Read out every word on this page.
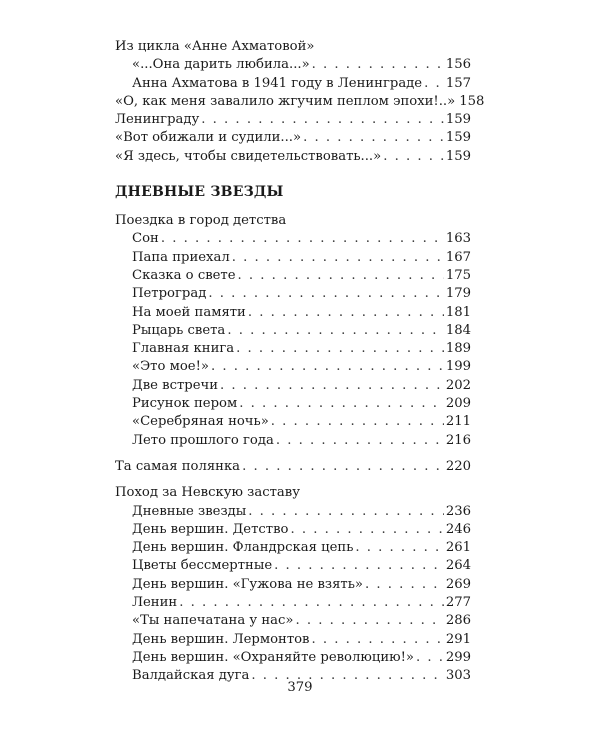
Из цикла «Анне Ахматовой»
«...Она дарить любила...» . . .	156
Анна Ахматова в 1941 году в Ленинграде . . . 157
«О, как меня завалило жгучим пеплом эпохи!..» 158
Ленинграду . . .	159
«Вот обижали и судили...» . . .	159
«Я здесь, чтобы свидетельствовать...» . . .	159
ДНЕВНЫЕ ЗВЕЗДЫ
Поездка в город детства
Сон . . .	163
Папа приехал . . .	167
Сказка о свете . . .	175
Петроград . . .	179
На моей памяти . . .	181
Рыцарь света . . .	184
Главная книга . . .	189
«Это мое!» . . .	199
Две встречи . . .	202
Рисунок пером . . .	209
«Серебряная ночь» . . .	211
Лето прошлого года . . .	216
Та самая полянка . . .	220
Поход за Невскую заставу
Дневные звезды . . .	236
День вершин. Детство . . .	246
День вершин. Фландрская цепь . . .	261
Цветы бессмертные . . .	264
День вершин. «Гужова не взять» . . .	269
Ленин . . .	277
«Ты напечатана у нас» . . .	286
День вершин. Лермонтов . . .	291
День вершин. «Охраняйте революцию!» . . . 299
Валдайская дуга . . .	303
379
